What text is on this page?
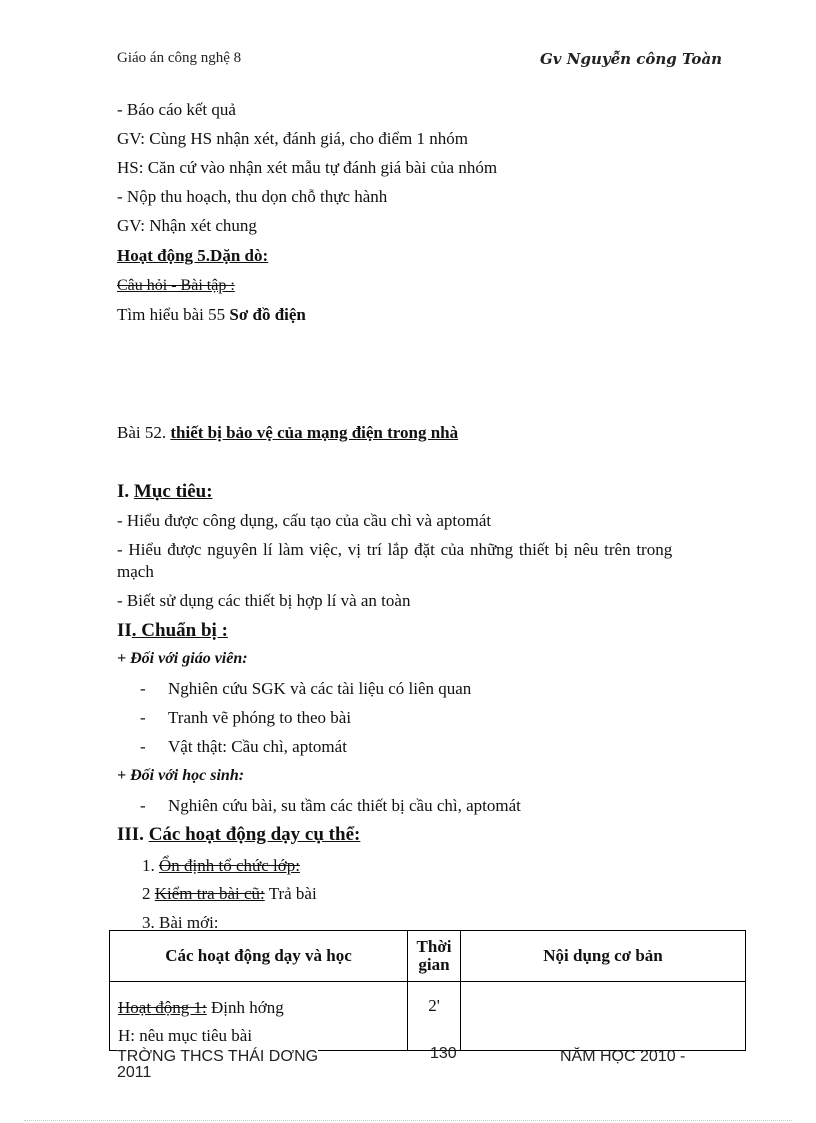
Giáo án công nghệ 8	Gv Nguyễn công Toàn
- Báo cáo kết quả
GV: Cùng HS nhận xét, đánh giá, cho điểm 1 nhóm
HS: Căn cứ vào nhận xét mẫu tự đánh giá bài của nhóm
- Nộp thu hoạch, thu dọn chỗ thực hành
GV: Nhận xét chung
Hoạt động 5.Dặn dò:
Câu hỏi - Bài tập :
Tìm hiểu bài 55 Sơ đồ điện
Bài 52. thiết bị bảo vệ của mạng điện trong nhà
I. Mục tiêu:
- Hiểu được công dụng, cấu tạo của cầu chì và aptomát
- Hiểu được nguyên lí làm việc, vị trí lắp đặt của những thiết bị nêu trên trong
mạch
- Biết sử dụng các thiết bị hợp lí và an toàn
II. Chuẩn bị :
+ Đối với giáo viên:
- Nghiên cứu SGK và các tài liệu có liên quan
- Tranh vẽ phóng to theo bài
- Vật thật: Cầu chì, aptomát
+ Đối với học sinh:
- Nghiên cứu bài, su tầm các thiết bị cầu chì, aptomát
III. Các hoạt động dạy cụ thể:
1. Ổn định tổ chức lớp:
2 Kiểm tra bài cũ: Trả bài
3. Bài mới:
Các hoạt động dạy và học	Thời gian	Nội dụng cơ bản

Hoạt động 1: Định hớng
H: nêu mục tiêu bài	2'	
TRỜNG THCS THÁI DƠNG
2011
130	NĂM HỌC 2010 -
